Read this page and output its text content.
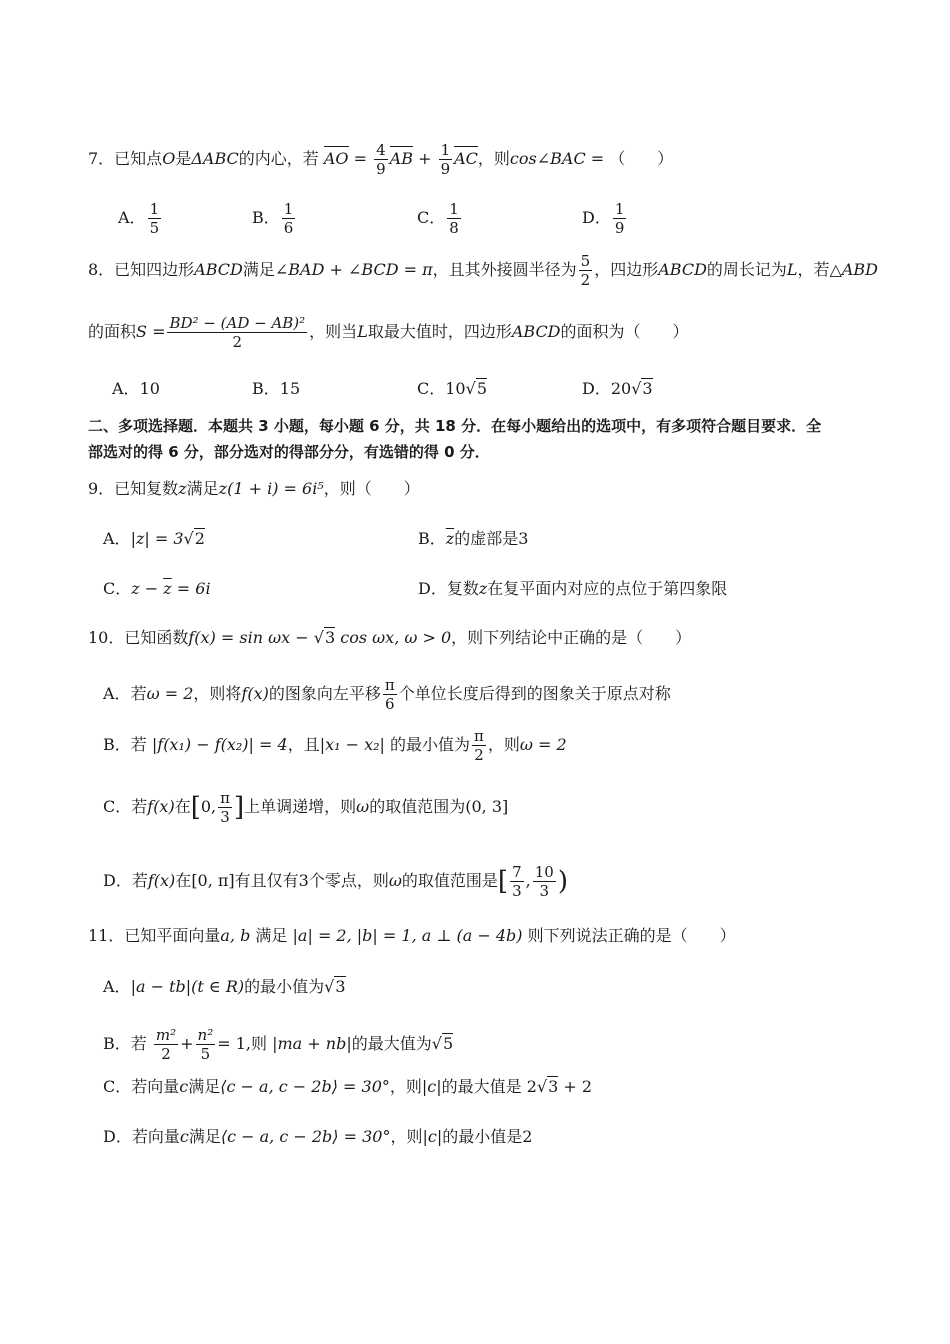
7．已知点O是ΔABC的内心，若 AO = $\frac{4}{9}$ AB + $\frac{1}{9}$ AC，则cos∠BAC = （　　）
A． $\frac{1}{5}$	B． $\frac{1}{6}$	C． $\frac{1}{8}$	D． $\frac{1}{9}$
8．已知四边形ABCD满足∠BAD + ∠BCD = π，且其外接圆半径为 $\frac{5}{2}$ ，四边形ABCD的周长记为L，若△ABD
的面积$S = \frac{\text{BD² − (AD − AB)²}}{2}$ ，则当L取最大值时，四边形ABCD的面积为（　　）
A．10	B．15	C．10√5	D．20√3
二、多项选择题．本题共 3 小题，每小题 6 分，共 18 分．在每小题给出的选项中，有多项符合题目要求．全
部选对的得 6 分，部分选对的得部分分，有选错的得 0 分．
9．已知复数z满足z(1 + i) = 6i⁵，则（　　）
A．|z| = 3√2	B．$\overline{z}$的虚部是3
C．$z - \overline{z} = 6i$	D．复数z在复平面内对应的点位于第四象限
10．已知函数f(x) = sin ωx − √3 cos ωx, ω > 0，则下列结论中正确的是（　　）
A．若ω = 2，则将f(x)的图象向左平移 $\frac{\pi}{6}$ 个单位长度后得到的图象关于原点对称
B．若 |f(x₁) − f(x₂)| = 4，且|x₁ − x₂| 的最小值为 $\frac{\pi}{2}$ ，则ω = 2
C．若f(x)在[0, $\frac{\pi}{3}$ ]上单调递增，则ω的取值范围为(0, 3]
D．若f(x)在[0, π]有且仅有3个零点，则ω的取值范围是[ $\frac{7}{3}$ , $\frac{10}{3}$ )
11．已知平面向量a, b 满足 |a| = 2, |b| = 1, a ⊥ (a − 4b) 则下列说法正确的是（　　）
A．|a − tb|(t ∈ R)的最小值为√3
B．若 $\frac{\text{m²}}{2} + \frac{\text{n²}}{5} = 1$,则 |ma + nb|的最大值为√5
C．若向量c满足⟨c − a, c − 2b⟩ = 30°，则|c|的最大值是 2√3 + 2
D．若向量c满足⟨c − a, c − 2b⟩ = 30°，则|c|的最小值是2
